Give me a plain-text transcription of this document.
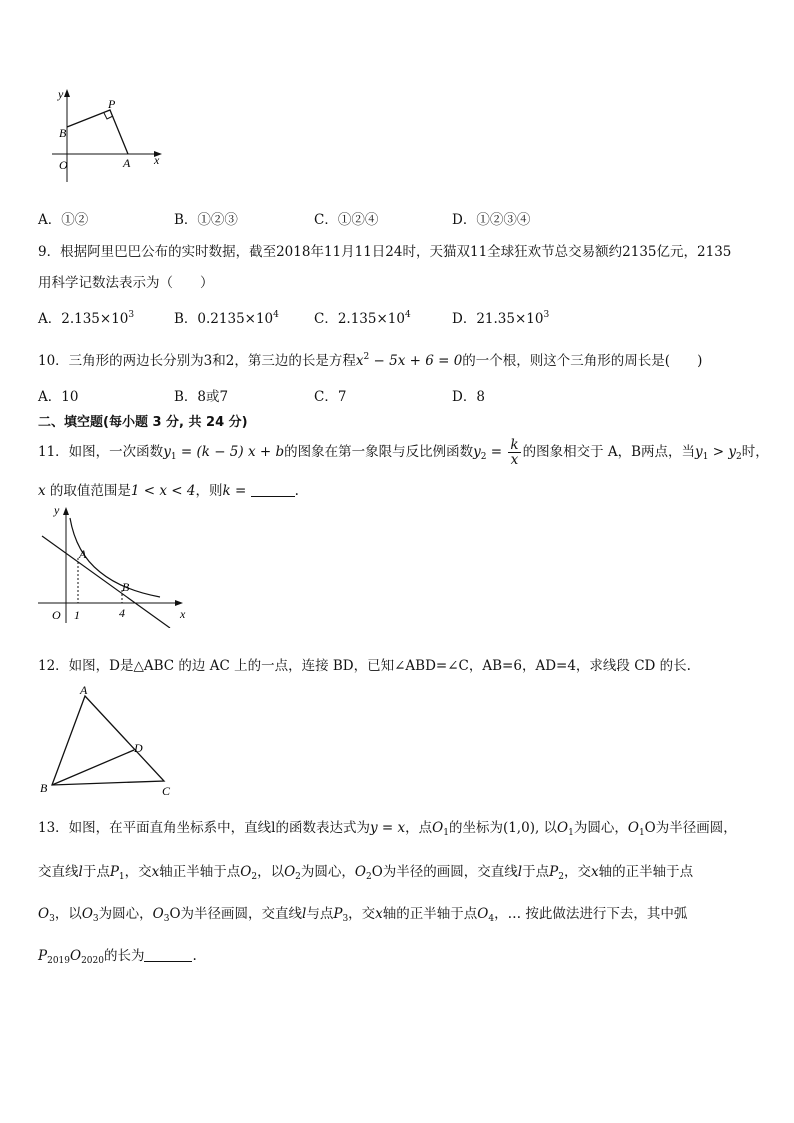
y
x
P
B
O	A
A．①②	B．①②③	C．①②④	D．①②③④
9．根据阿里巴巴公布的实时数据，截至2018年11月11日24时，天猫双11全球狂欢节总交易额约2135亿元，2135
用科学记数法表示为（　　）
A．$2.135\times 10^3$	B．$0.2135\times 10^4$	C．$2.135\times 10^4$	D．$21.35\times 10^3$
10．三角形的两边长分别为3和2，第三边的长是方程$x^2 - 5x + 6 = 0$的一个根，则这个三角形的周长是(　　)
A．10	B．8或7	C．7	D．8
二、填空题(每小题 3 分, 共 24 分)
11．如图，一次函数$y_1 = (k - 5) x + b$的图象在第一象限与反比例函数$y_2 = \frac{k}{x}$ 的图象相交于 A，B两点，当$y_1 > y_2$时，
x 的取值范围是1 < x < 4，则k =	.
y
x
O
A
B
1	4
12．如图，D是△ABC 的边 AC 上的一点，连接 BD，已知∠ABD=∠C，AB=6，AD=4，求线段 CD 的长.
A
B	C
D
13．如图，在平面直角坐标系中，直线l的函数表达式为y = x，点$O_1$的坐标为(1,0), 以$O_1$为圆心，$O_1O$为半径画圆，
交直线l于点$P_1$，交x轴正半轴于点$O_2$，以$O_2$为圆心，$O_2O$为半径的画圆，交直线l于点$P_2$，交x轴的正半轴于点
$O_3$，以$O_3$为圆心，$O_3O$为半径画圆，交直线l与点$P_3$，交x轴的正半轴于点$O_4$，… 按此做法进行下去，其中弧
$P_{2019}O_{2020}$的长为	.
